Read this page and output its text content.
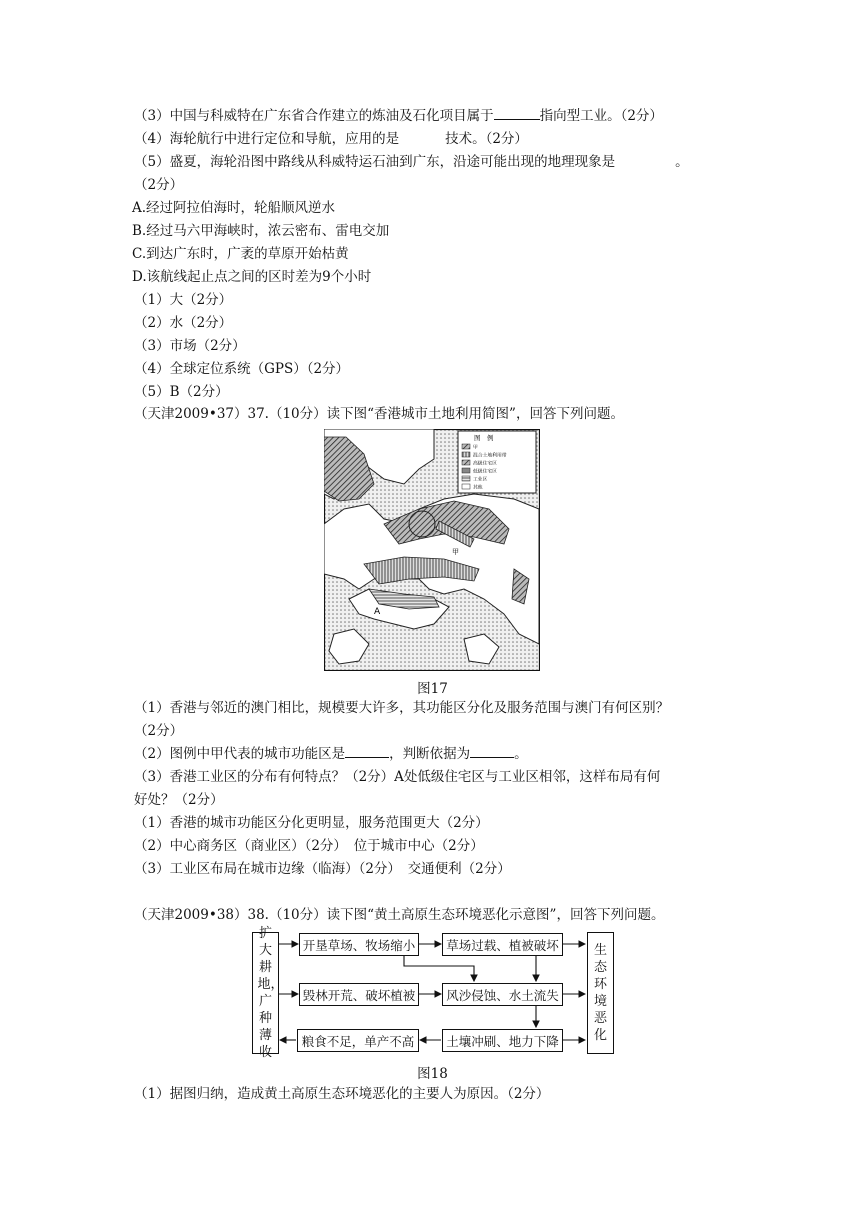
（3）中国与科威特在广东省合作建立的炼油及石化项目属于	指向型工业。（2分）
（4）海轮航行中进行定位和导航，应用的是	技术。（2分）
（5）盛夏，海轮沿图中路线从科威特运石油到广东，沿途可能出现的地理现象是	。
（2分）
A.经过阿拉伯海时，轮船顺风逆水
B.经过马六甲海峡时，浓云密布、雷电交加
C.到达广东时，广袤的草原开始枯黄
D.该航线起止点之间的区时差为9个小时
（1）大（2分）
（2）水（2分）
（3）市场（2分）
（4）全球定位系统（GPS）（2分）
（5）B（2分）
（天津2009•37）37.（10分）读下图“香港城市土地利用简图”，回答下列问题。
图　例
甲
混合土地利用带
高级住宅区
低级住宅区
工业区
其他
A
甲
图17
（1）香港与邻近的澳门相比，规模要大许多，其功能区分化及服务范围与澳门有何区别？
（2分）
（2）图例中甲代表的城市功能区是	，判断依据为	。
（3）香港工业区的分布有何特点？（2分）A处低级住宅区与工业区相邻，这样布局有何
好处？（2分）
（1）香港的城市功能区分化更明显，服务范围更大（2分）
（2）中心商务区（商业区）（2分）　位于城市中心（2分）
（3）工业区布局在城市边缘（临海）（2分）　交通便利（2分）
（天津2009•38）38.（10分）读下图“黄土高原生态环境恶化示意图”，回答下列问题。
扩大耕地，广种薄收
生态环境恶化
开垦草场、牧场缩小	草场过载、植被破坏
毁林开荒、破坏植被	风沙侵蚀、水土流失
粮食不足，单产不高	土壤冲刷、地力下降
图18
（1）据图归纳，造成黄土高原生态环境恶化的主要人为原因。（2分）
